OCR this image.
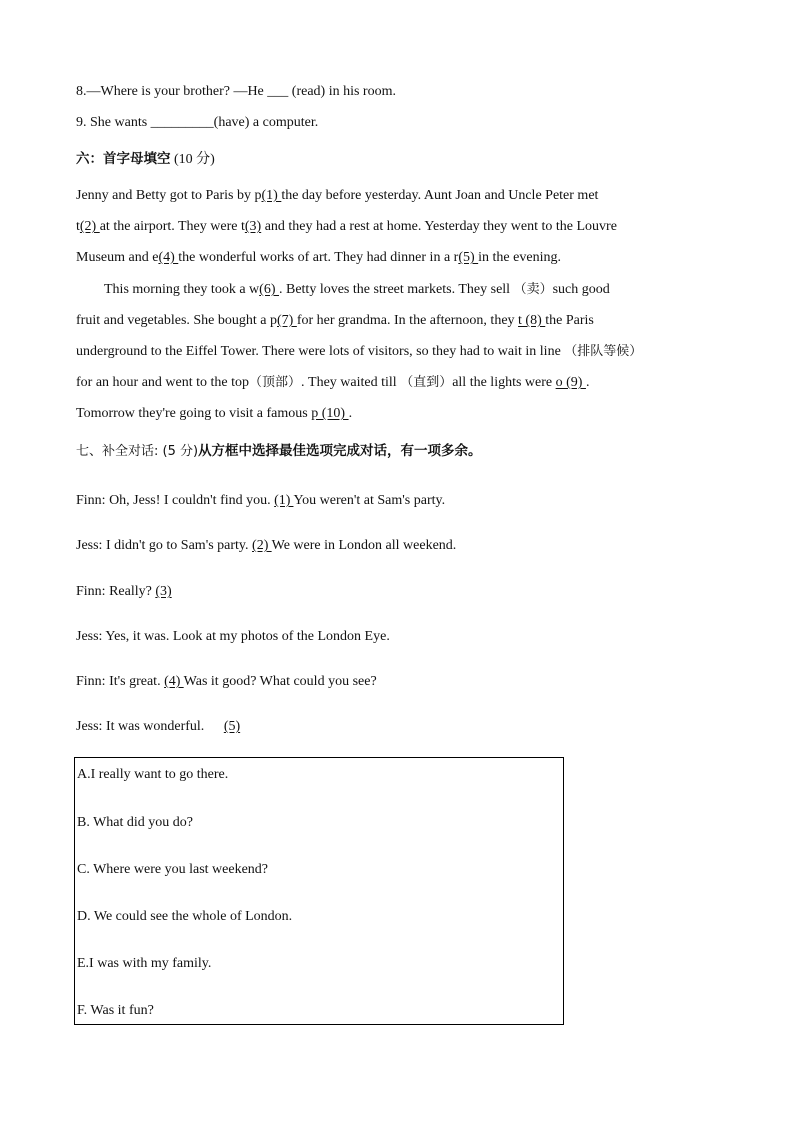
8.—Where is your brother? —He ___ (read) in his room.
9. She wants _________(have) a computer.
六：首字母填空 (10 分)
Jenny and Betty got to Paris by p(1) the day before yesterday. Aunt Joan and Uncle Peter met
t(2) at the airport. They were t(3) and they had a rest at home. Yesterday they went to the Louvre
Museum and e(4) the wonderful works of art. They had dinner in a r(5) in the evening.
This morning they took a w(6) . Betty loves the street markets. They sell （卖）such good
fruit and vegetables. She bought a p(7) for her grandma. In the afternoon, they t (8) the Paris
underground to the Eiffel Tower. There were lots of visitors, so they had to wait in line （排队等候）
for an hour and went to the top（顶部）. They waited till （直到）all the lights were o (9) .
Tomorrow they're going to visit a famous p (10) .
七、补全对话: (5 分)从方框中选择最佳选项完成对话，有一项多余。
Finn: Oh, Jess! I couldn't find you. (1) You weren't at Sam's party.
Jess: I didn't go to Sam's party. (2) We were in London all weekend.
Finn: Really? (3)
Jess: Yes, it was. Look at my photos of the London Eye.
Finn: It's great. (4) Was it good? What could you see?
Jess: It was wonderful. (5)
A.I really want to go there.
B. What did you do?
C. Where were you last weekend?
D. We could see the whole of London.
E.I was with my family.
F. Was it fun?
